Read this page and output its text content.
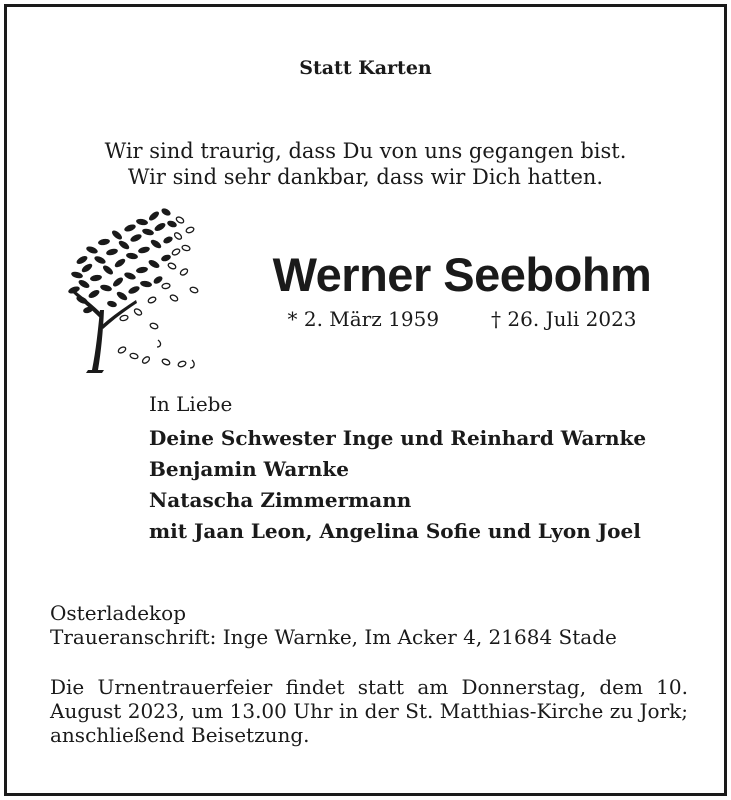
Statt Karten
Wir sind traurig, dass Du von uns gegangen bist.
Wir sind sehr dankbar, dass wir Dich hatten.
Werner Seebohm
* 2. März 1959	† 26. Juli 2023
In Liebe
Deine Schwester Inge und Reinhard Warnke
Benjamin Warnke
Natascha Zimmermann
mit Jaan Leon, Angelina Sofie und Lyon Joel
Osterladekop
Traueranschrift: Inge Warnke, Im Acker 4, 21684 Stade
Die Urnentrauerfeier findet statt am Donnerstag, dem 10. August 2023, um 13.00 Uhr in der St. Matthias-Kirche zu Jork; anschließend Beisetzung.
